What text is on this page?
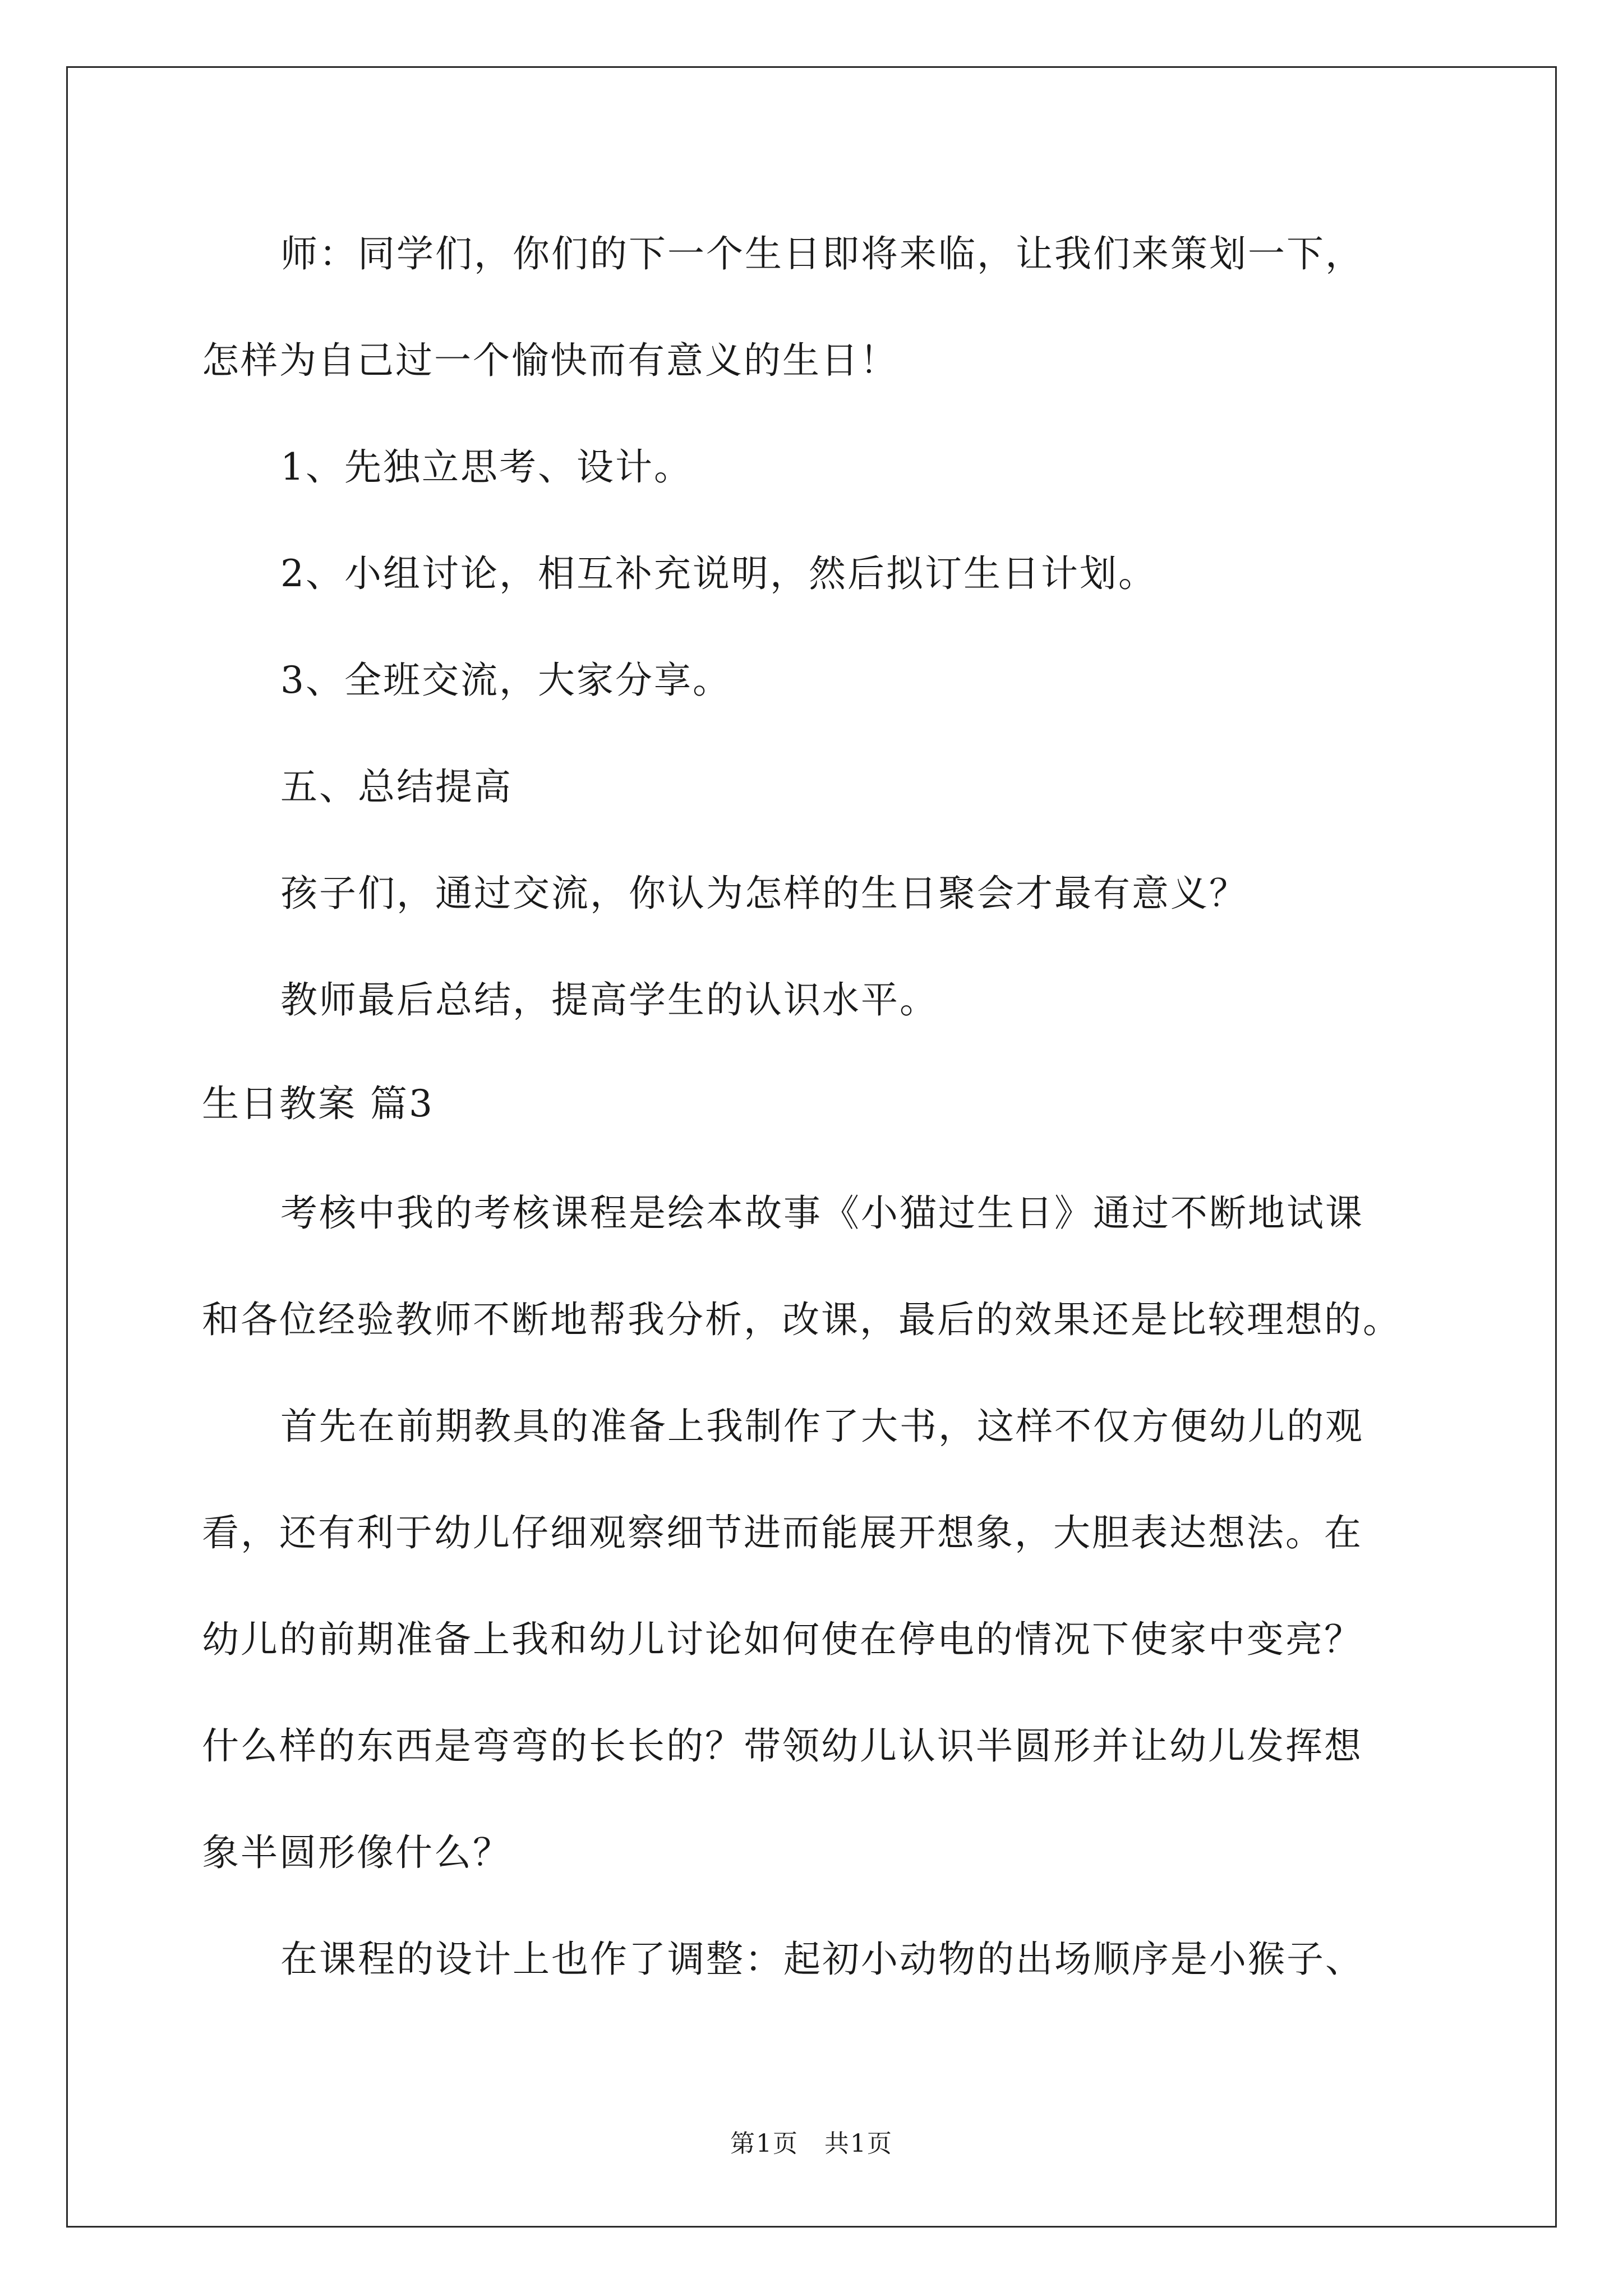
师：同学们，你们的下一个生日即将来临，让我们来策划一下，
怎样为自己过一个愉快而有意义的生日！
1、先独立思考、设计。
2、小组讨论，相互补充说明，然后拟订生日计划。
3、全班交流，大家分享。
五、总结提高
孩子们，通过交流，你认为怎样的生日聚会才最有意义？
教师最后总结，提高学生的认识水平。
生日教案 篇3
考核中我的考核课程是绘本故事《小猫过生日》通过不断地试课
和各位经验教师不断地帮我分析，改课，最后的效果还是比较理想的。
首先在前期教具的准备上我制作了大书，这样不仅方便幼儿的观
看，还有利于幼儿仔细观察细节进而能展开想象，大胆表达想法。在
幼儿的前期准备上我和幼儿讨论如何使在停电的情况下使家中变亮？
什么样的东西是弯弯的长长的？带领幼儿认识半圆形并让幼儿发挥想
象半圆形像什么？
在课程的设计上也作了调整：起初小动物的出场顺序是小猴子、
第1页　共1页
